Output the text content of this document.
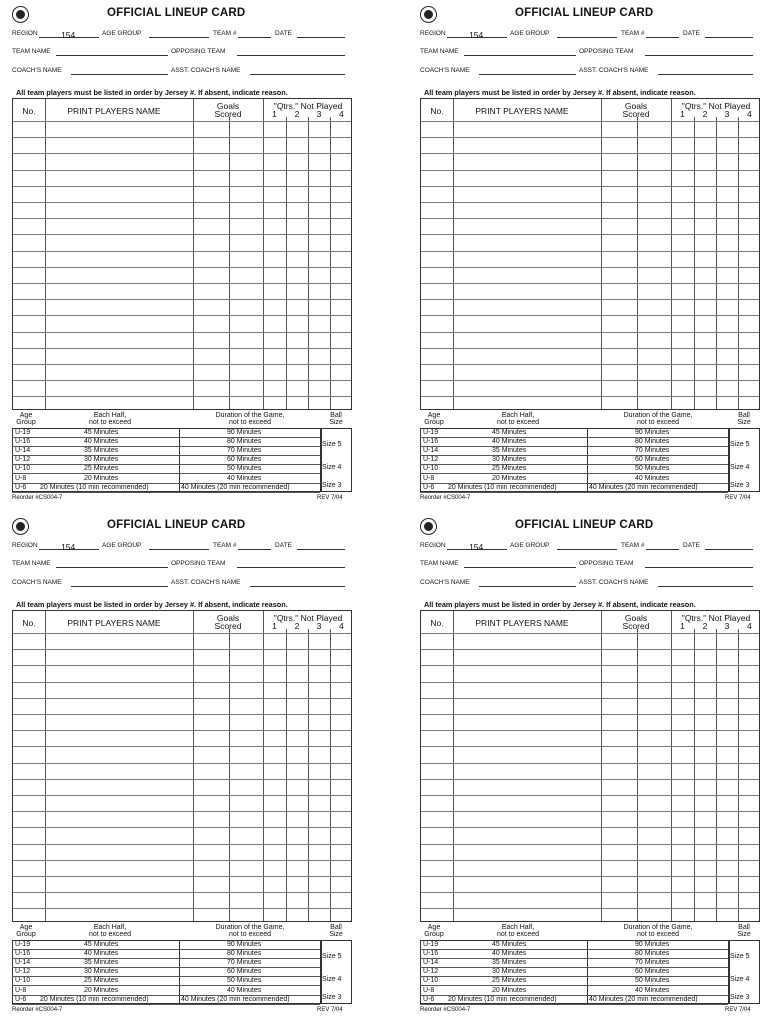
OFFICIAL LINEUP CARD
REGION	154	AGE GROUP	TEAM #	DATE
TEAM NAME	OPPOSING TEAM
COACH'S NAME	ASST. COACH'S NAME
All team players must be listed in order by Jersey #. If absent, indicate reason.
No.	PRINT PLAYERS NAME	Goals
Scored
"Qtrs." Not Played
1	2	3	4
Age
Group
Each Half,
not to exceed
Duration of the Game,
not to exceed
Ball
Size
U-19	45 Minutes	90 Minutes
U-16	40 Minutes	80 Minutes
U-14	35 Minutes	70 Minutes
U-12	30 Minutes	60 Minutes
U-10	25 Minutes	50 Minutes
U-8	20 Minutes	40 Minutes
U-6 20 Minutes (10 min recommended)	40 Minutes (20 min recommended)
Size 5
Size 4
Size 3
Reorder #CS004-7	REV 7/04
OFFICIAL LINEUP CARD
REGION	154	AGE GROUP	TEAM #	DATE
TEAM NAME	OPPOSING TEAM
COACH'S NAME	ASST. COACH'S NAME
All team players must be listed in order by Jersey #. If absent, indicate reason.
No.	PRINT PLAYERS NAME	Goals
Scored
"Qtrs." Not Played
1	2	3	4
Age
Group
Each Half,
not to exceed
Duration of the Game,
not to exceed
Ball
Size
U-19	45 Minutes	90 Minutes
U-16	40 Minutes	80 Minutes
U-14	35 Minutes	70 Minutes
U-12	30 Minutes	60 Minutes
U-10	25 Minutes	50 Minutes
U-8	20 Minutes	40 Minutes
U-6 20 Minutes (10 min recommended)	40 Minutes (20 min recommended)
Size 5
Size 4
Size 3
Reorder #CS004-7	REV 7/04
OFFICIAL LINEUP CARD
REGION	154	AGE GROUP	TEAM #	DATE
TEAM NAME	OPPOSING TEAM
COACH'S NAME	ASST. COACH'S NAME
All team players must be listed in order by Jersey #. If absent, indicate reason.
No.	PRINT PLAYERS NAME	Goals
Scored
"Qtrs." Not Played
1	2	3	4
Age
Group
Each Half,
not to exceed
Duration of the Game,
not to exceed
Ball
Size
U-19	45 Minutes	90 Minutes
U-16	40 Minutes	80 Minutes
U-14	35 Minutes	70 Minutes
U-12	30 Minutes	60 Minutes
U-10	25 Minutes	50 Minutes
U-8	20 Minutes	40 Minutes
U-6 20 Minutes (10 min recommended)	40 Minutes (20 min recommended)
Size 5
Size 4
Size 3
Reorder #CS004-7	REV 7/04
OFFICIAL LINEUP CARD
REGION	154	AGE GROUP	TEAM #	DATE
TEAM NAME	OPPOSING TEAM
COACH'S NAME	ASST. COACH'S NAME
All team players must be listed in order by Jersey #. If absent, indicate reason.
No.	PRINT PLAYERS NAME	Goals
Scored
"Qtrs." Not Played
1	2	3	4
Age
Group
Each Half,
not to exceed
Duration of the Game,
not to exceed
Ball
Size
U-19	45 Minutes	90 Minutes
U-16	40 Minutes	80 Minutes
U-14	35 Minutes	70 Minutes
U-12	30 Minutes	60 Minutes
U-10	25 Minutes	50 Minutes
U-8	20 Minutes	40 Minutes
U-6 20 Minutes (10 min recommended)	40 Minutes (20 min recommended)
Size 5
Size 4
Size 3
Reorder #CS004-7	REV 7/04
